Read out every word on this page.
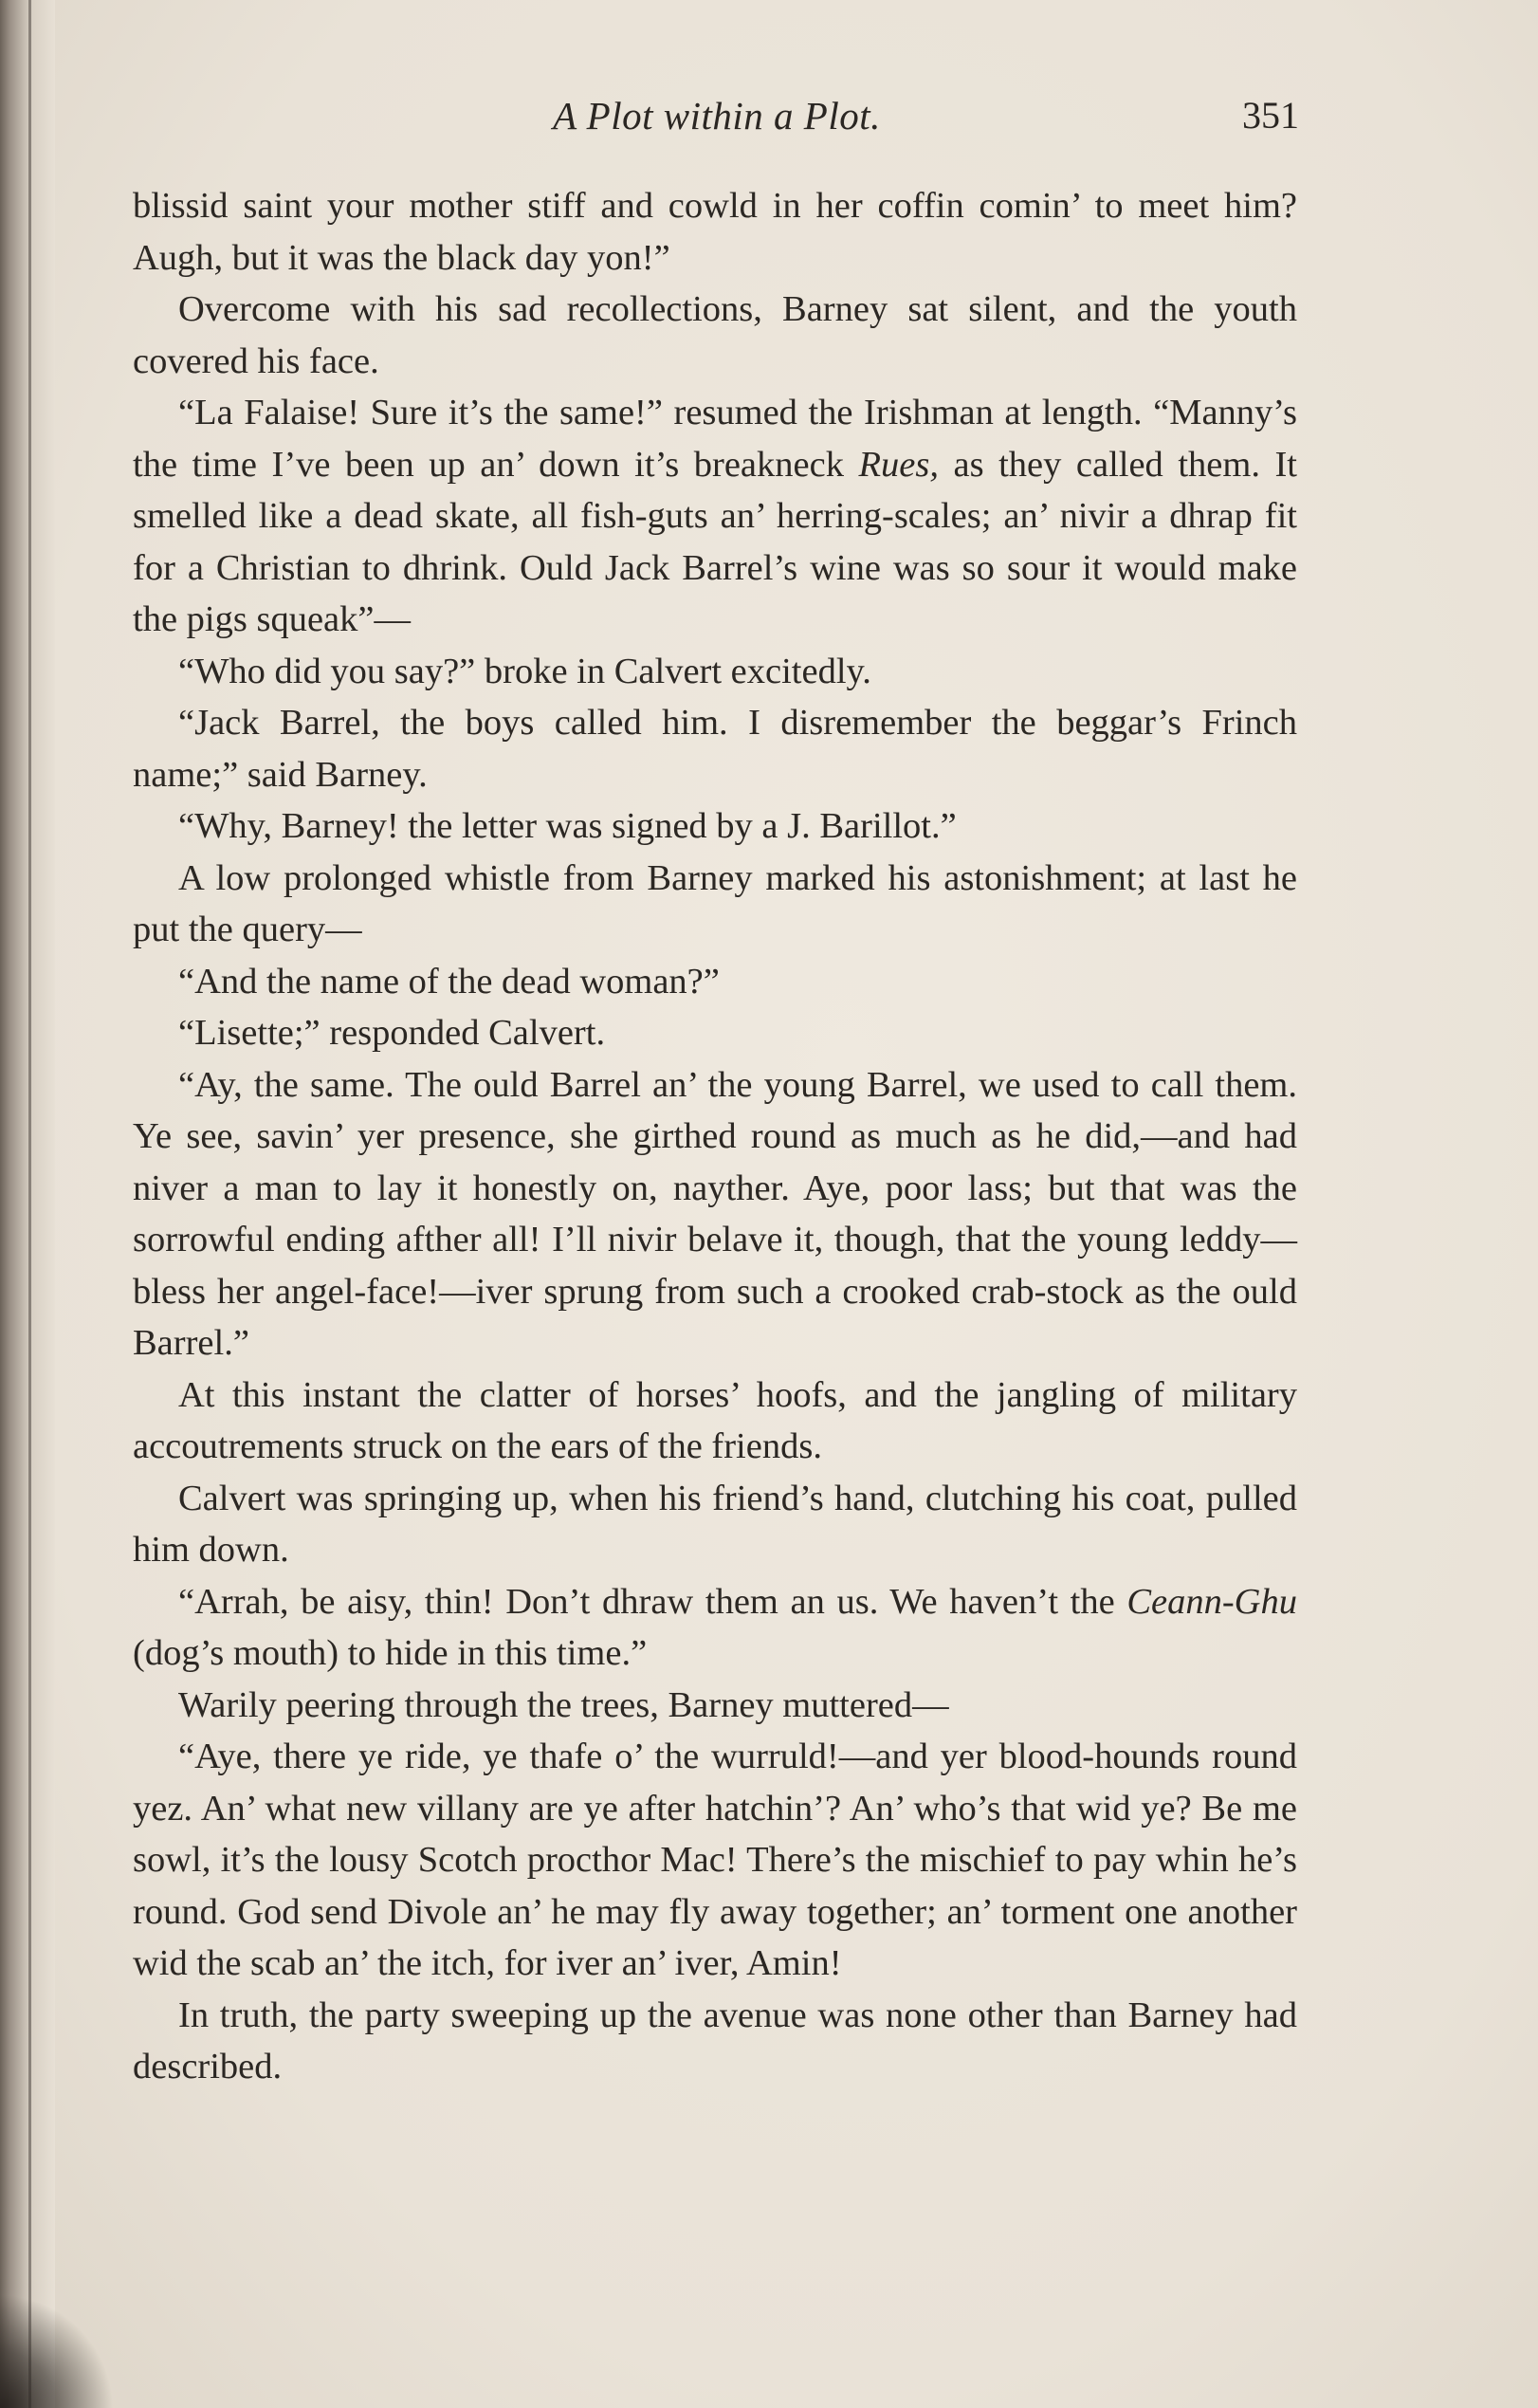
A Plot within a Plot.	351

blissid saint your mother stiff and cowld in her coffin comin’ to meet him? Augh, but it was the black day yon!”

Overcome with his sad recollections, Barney sat silent, and the youth covered his face.

“La Falaise! Sure it’s the same!” resumed the Irishman at length. “Manny’s the time I’ve been up an’ down it’s breakneck Rues, as they called them. It smelled like a dead skate, all fish-guts an’ herring-scales; an’ nivir a dhrap fit for a Christian to dhrink. Ould Jack Barrel’s wine was so sour it would make the pigs squeak”—

“Who did you say?” broke in Calvert excitedly.

“Jack Barrel, the boys called him. I disremember the beggar’s Frinch name;” said Barney.

“Why, Barney! the letter was signed by a J. Barillot.”

A low prolonged whistle from Barney marked his astonishment; at last he put the query—

“And the name of the dead woman?”

“Lisette;” responded Calvert.

“Ay, the same. The ould Barrel an’ the young Barrel, we used to call them. Ye see, savin’ yer presence, she girthed round as much as he did,—and had niver a man to lay it honestly on, nayther. Aye, poor lass; but that was the sorrowful ending afther all! I’ll nivir belave it, though, that the young leddy—bless her angel-face!—iver sprung from such a crooked crab-stock as the ould Barrel.”

At this instant the clatter of horses’ hoofs, and the jangling of military accoutrements struck on the ears of the friends.

Calvert was springing up, when his friend’s hand, clutching his coat, pulled him down.

“Arrah, be aisy, thin! Don’t dhraw them an us. We haven’t the Ceann-Ghu (dog’s mouth) to hide in this time.”

Warily peering through the trees, Barney muttered—

“Aye, there ye ride, ye thafe o’ the wurruld!—and yer blood-hounds round yez. An’ what new villany are ye after hatchin’? An’ who’s that wid ye? Be me sowl, it’s the lousy Scotch procthor Mac! There’s the mischief to pay whin he’s round. God send Divole an’ he may fly away together; an’ torment one another wid the scab an’ the itch, for iver an’ iver, Amin!

In truth, the party sweeping up the avenue was none other than Barney had described.
